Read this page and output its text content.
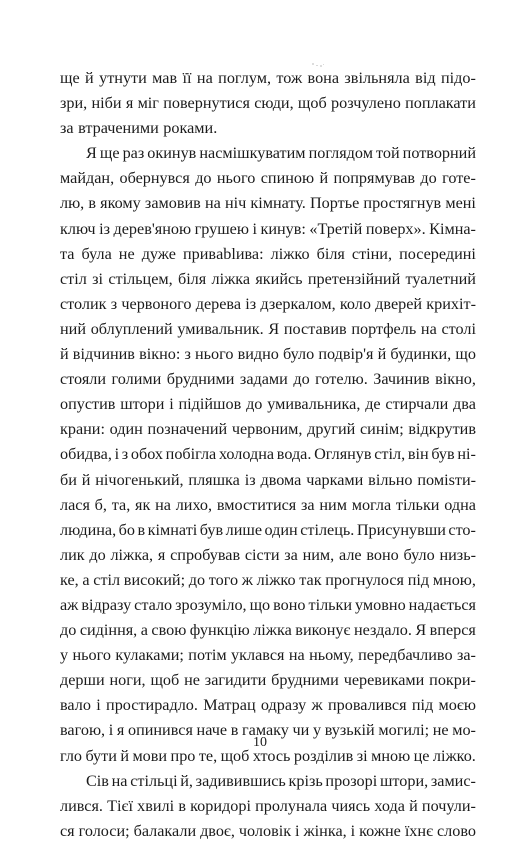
ще й утнути мав її на поглум, тож вона звільняла від підо-
зри, ніби я міг повернутися сюди, щоб розчулено поплакати
за втраченими роками.
Я ще раз окинув насмішкуватим поглядом той потворний
майдан, обернувся до нього спиною й попрямував до готе-
лю, в якому замовив на ніч кімнату. Портье простягнув мені
ключ із дерев'яною грушею і кинув: «Третій поверх». Кімна-
та була не дуже привablива: ліжко біля стіни, посередині
стіл зі стільцем, біля ліжка якийсь претензійний туалетний
столик з червоного дерева із дзеркалом, коло дверей крихіт-
ний облуплений умивальник. Я поставив портфель на столі
й відчинив вікно: з нього видно було подвір'я й будинки, що
стояли голими брудними задами до готелю. Зачинив вікно,
опустив штори і підійшов до умивальника, де стирчали два
крани: один позначений червоним, другий синім; відкрутив
обидва, і з обох побігла холодна вода. Оглянув стіл, він був ні-
би й нічогенький, пляшка із двома чарками вільно поміsти-
лася б, та, як на лихо, вмоститися за ним могла тільки одна
людина, бо в кімнаті був лише один стілець. Присунувши сто-
лик до ліжка, я спробував сісти за ним, але воно було низь-
ке, а стіл високий; до того ж ліжко так прогнулося під мною,
аж відразу стало зрозуміло, що воно тільки умовно надається
до сидіння, а свою функцію ліжка виконує нездало. Я вперся
у нього кулаками; потім уклався на ньому, передбачливо за-
дерши ноги, щоб не загидити брудними черевиками покри-
вало і простирадло. Матрац одразу ж провалився під моєю
вагою, і я опинився наче в гамаку чи у вузькій могилі; не мо-
гло бути й мови про те, щоб хтось розділив зі мною це ліжко.
Сів на стільці й, задивившись крізь прозорі штори, замис-
лився. Тієї хвилі в коридорі пролунала чиясь хода й почули-
ся голоси; балакали двоє, чоловік і жінка, і кожне їхнє слово
10
